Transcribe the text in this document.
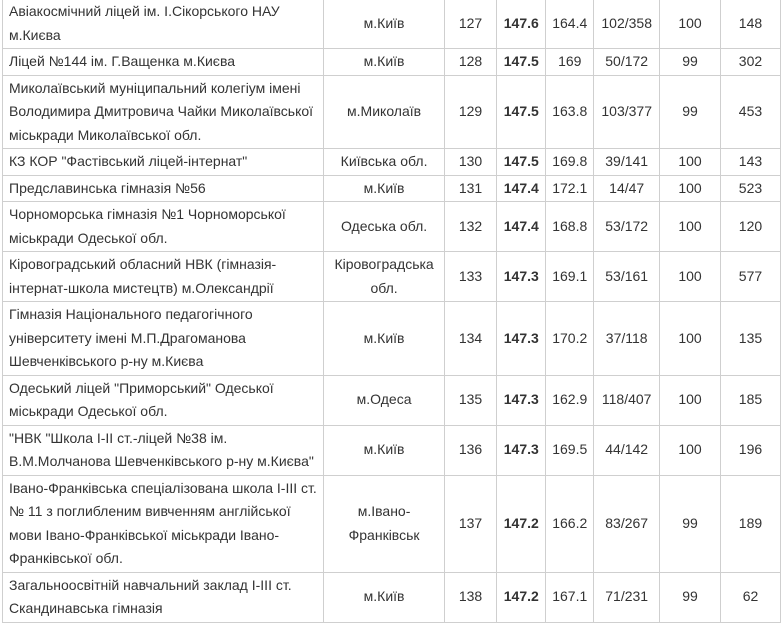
Авіакосмічний ліцей ім. І.Сікорського НАУ м.Києва	м.Київ	127	147.6	164.4	102/358	100	148
Ліцей №144 ім. Г.Ващенка м.Києва	м.Київ	128	147.5	169	50/172	99	302
Миколаївський муніципальний колегіум імені Володимира Дмитровича Чайки Миколаївської міськради Миколаївської обл.	м.Миколаїв	129	147.5	163.8	103/377	99	453
КЗ КОР "Фастівський ліцей-інтернат"	Київська обл.	130	147.5	169.8	39/141	100	143
Предславинська гімназія №56	м.Київ	131	147.4	172.1	14/47	100	523
Чорноморська гімназія №1 Чорноморської міськради Одеської обл.	Одеська обл.	132	147.4	168.8	53/172	100	120
Кіровоградський обласний НВК (гімназія-інтернат-школа мистецтв) м.Олександрії	Кіровоградська обл.	133	147.3	169.1	53/161	100	577
Гімназія Національного педагогічного університету імені М.П.Драгоманова Шевченківського р-ну м.Києва	м.Київ	134	147.3	170.2	37/118	100	135
Одеський ліцей "Приморський" Одеської міськради Одеської обл.	м.Одеса	135	147.3	162.9	118/407	100	185
"НВК "Школа І-ІІ ст.-ліцей №38 ім. В.М.Молчанова Шевченківського р-ну м.Києва"	м.Київ	136	147.3	169.5	44/142	100	196
Івано-Франківська спеціалізована школа І-ІІІ ст. № 11 з поглибленим вивченням англійської мови Івано-Франківської міськради Івано-Франківської обл.	м.Івано-Франківськ	137	147.2	166.2	83/267	99	189
Загальноосвітній навчальний заклад І-ІІІ ст. Скандинавська гімназія	м.Київ	138	147.2	167.1	71/231	99	62
